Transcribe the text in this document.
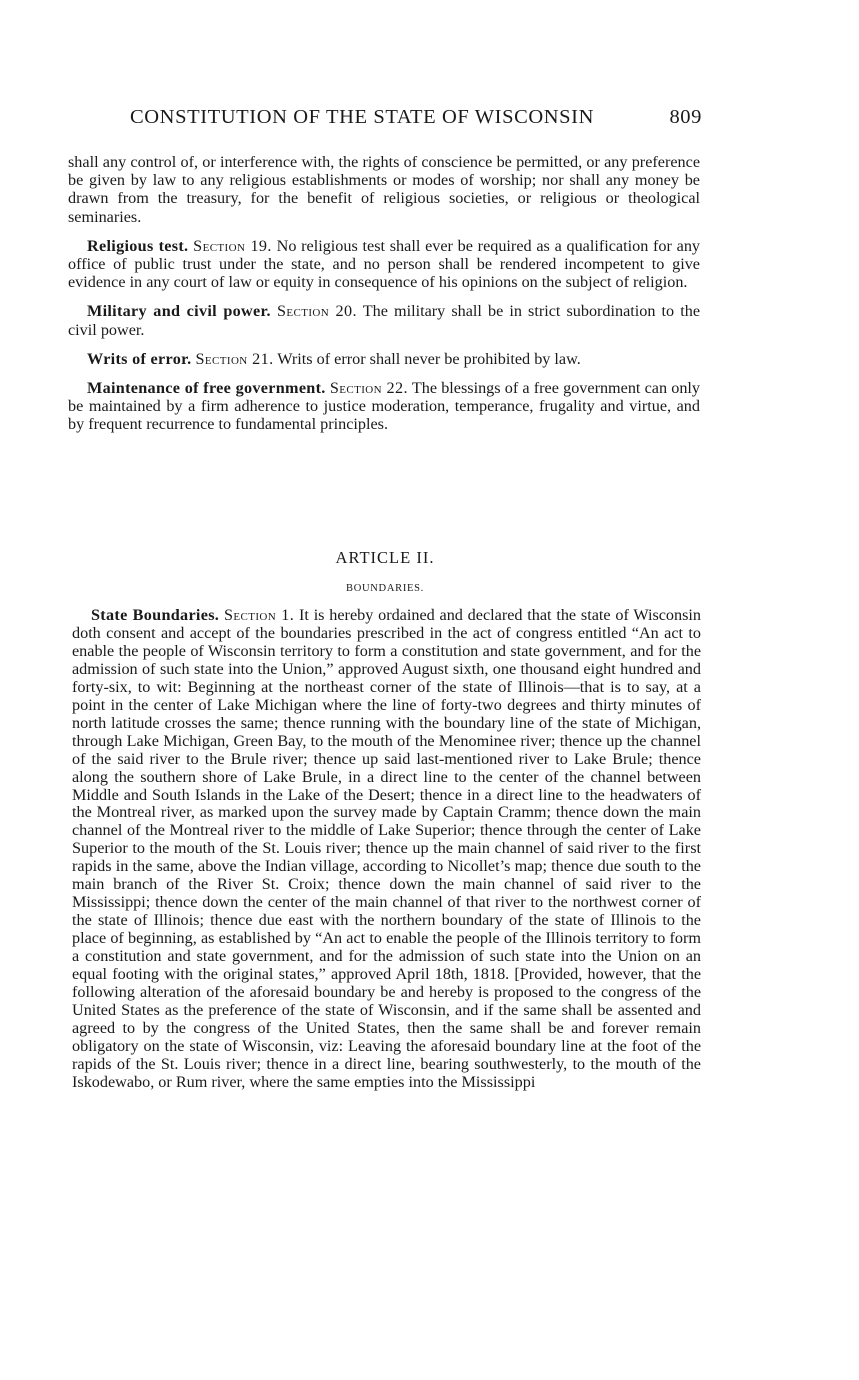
CONSTITUTION OF THE STATE OF WISCONSIN	809

shall any control of, or interference with, the rights of conscience be permitted, or any preference be given by law to any religious establishments or modes of worship; nor shall any money be drawn from the treasury, for the benefit of religious societies, or religious or theological seminaries.

Religious test. Section 19. No religious test shall ever be required as a qualification for any office of public trust under the state, and no person shall be rendered incompetent to give evidence in any court of law or equity in consequence of his opinions on the subject of religion.

Military and civil power. Section 20. The military shall be in strict subordination to the civil power.

Writs of error. Section 21. Writs of error shall never be prohibited by law.

Maintenance of free government. Section 22. The blessings of a free government can only be maintained by a firm adherence to justice moderation, temperance, frugality and virtue, and by frequent recurrence to fundamental principles.

ARTICLE II.
BOUNDARIES.

State Boundaries. Section 1. It is hereby ordained and declared that the state of Wisconsin doth consent and accept of the boundaries prescribed in the act of congress entitled “An act to enable the people of Wisconsin territory to form a constitution and state government, and for the admission of such state into the Union,” approved August sixth, one thousand eight hundred and forty-six, to wit: Beginning at the northeast corner of the state of Illinois—that is to say, at a point in the center of Lake Michigan where the line of forty-two degrees and thirty minutes of north latitude crosses the same; thence running with the boundary line of the state of Michigan, through Lake Michigan, Green Bay, to the mouth of the Menominee river; thence up the channel of the said river to the Brule river; thence up said last-mentioned river to Lake Brule; thence along the southern shore of Lake Brule, in a direct line to the center of the channel between Middle and South Islands in the Lake of the Desert; thence in a direct line to the headwaters of the Montreal river, as marked upon the survey made by Captain Cramm; thence down the main channel of the Montreal river to the middle of Lake Superior; thence through the center of Lake Superior to the mouth of the St. Louis river; thence up the main channel of said river to the first rapids in the same, above the Indian village, according to Nicollet’s map; thence due south to the main branch of the River St. Croix; thence down the main channel of said river to the Mississippi; thence down the center of the main channel of that river to the northwest corner of the state of Illinois; thence due east with the northern boundary of the state of Illinois to the place of beginning, as established by “An act to enable the people of the Illinois territory to form a constitution and state government, and for the admission of such state into the Union on an equal footing with the original states,” approved April 18th, 1818. [Provided, however, that the following alteration of the aforesaid boundary be and hereby is proposed to the congress of the United States as the preference of the state of Wisconsin, and if the same shall be assented and agreed to by the congress of the United States, then the same shall be and forever remain obligatory on the state of Wisconsin, viz: Leaving the aforesaid boundary line at the foot of the rapids of the St. Louis river; thence in a direct line, bearing southwesterly, to the mouth of the Iskodewabo, or Rum river, where the same empties into the Mississippi
